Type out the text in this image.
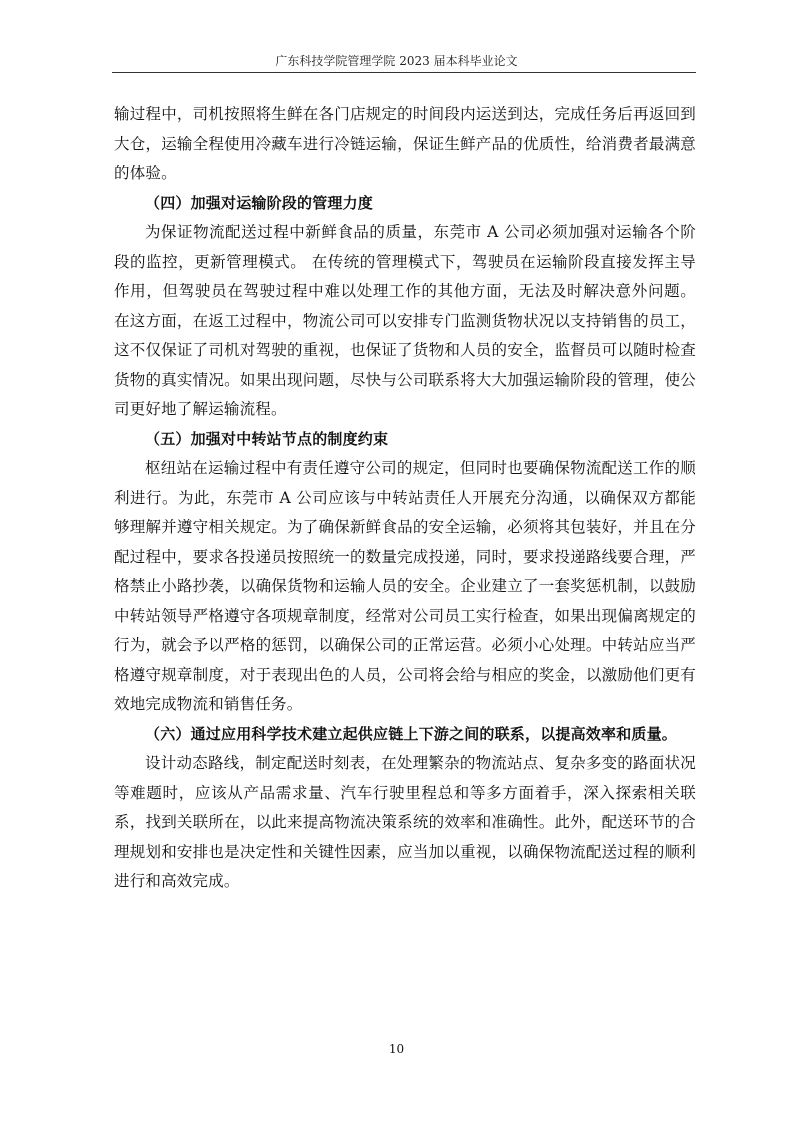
广东科技学院管理学院 2023 届本科毕业论文

输过程中，司机按照将生鲜在各门店规定的时间段内运送到达，完成任务后再返回到大仓，运输全程使用冷藏车进行冷链运输，保证生鲜产品的优质性，给消费者最满意的体验。

（四）加强对运输阶段的管理力度

为保证物流配送过程中新鲜食品的质量，东莞市 A 公司必须加强对运输各个阶段的监控，更新管理模式。 在传统的管理模式下，驾驶员在运输阶段直接发挥主导作用，但驾驶员在驾驶过程中难以处理工作的其他方面，无法及时解决意外问题。 在这方面，在返工过程中，物流公司可以安排专门监测货物状况以支持销售的员工，这不仅保证了司机对驾驶的重视，也保证了货物和人员的安全，监督员可以随时检查货物的真实情况。如果出现问题，尽快与公司联系将大大加强运输阶段的管理，使公司更好地了解运输流程。

（五）加强对中转站节点的制度约束

枢纽站在运输过程中有责任遵守公司的规定，但同时也要确保物流配送工作的顺利进行。为此，东莞市 A 公司应该与中转站责任人开展充分沟通，以确保双方都能够理解并遵守相关规定。为了确保新鲜食品的安全运输，必须将其包装好，并且在分配过程中，要求各投递员按照统一的数量完成投递，同时，要求投递路线要合理，严格禁止小路抄袭，以确保货物和运输人员的安全。企业建立了一套奖惩机制，以鼓励中转站领导严格遵守各项规章制度，经常对公司员工实行检查，如果出现偏离规定的行为，就会予以严格的惩罚，以确保公司的正常运营。必须小心处理。中转站应当严格遵守规章制度，对于表现出色的人员，公司将会给与相应的奖金，以激励他们更有效地完成物流和销售任务。

（六）通过应用科学技术建立起供应链上下游之间的联系，以提高效率和质量。

设计动态路线，制定配送时刻表，在处理繁杂的物流站点、复杂多变的路面状况等难题时，应该从产品需求量、汽车行驶里程总和等多方面着手，深入探索相关联系，找到关联所在，以此来提高物流决策系统的效率和准确性。此外，配送环节的合理规划和安排也是决定性和关键性因素，应当加以重视，以确保物流配送过程的顺利进行和高效完成。

10
